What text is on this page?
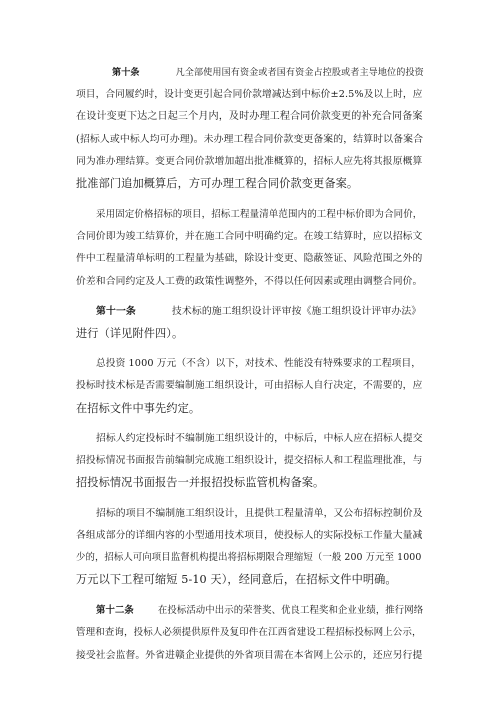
第十条	凡全部使用国有资金或者国有资金占控股或者主导地位的投资
项目，合同履约时，设计变更引起合同价款增减达到中标价±2.5%及以上时，应
在设计变更下达之日起三个月内，及时办理工程合同价款变更的补充合同备案
(招标人或中标人均可办理)。未办理工程合同价款变更备案的，结算时以备案合
同为准办理结算。变更合同价款增加超出批准概算的，招标人应先将其报原概算
批准部门追加概算后，方可办理工程合同价款变更备案。
采用固定价格招标的项目，招标工程量清单范围内的工程中标价即为合同价，
合同价即为竣工结算价，并在施工合同中明确约定。在竣工结算时，应以招标文
件中工程量清单标明的工程量为基础，除设计变更、隐蔽签证、风险范围之外的
价差和合同约定及人工费的政策性调整外，不得以任何因素或理由调整合同价。
第十一条	技术标的施工组织设计评审按《施工组织设计评审办法》
进行（详见附件四）。
总投资 1000 万元（不含）以下，对技术、性能没有特殊要求的工程项目，
投标时技术标是否需要编制施工组织设计，可由招标人自行决定，不需要的，应
在招标文件中事先约定。
招标人约定投标时不编制施工组织设计的，中标后，中标人应在招标人提交
招投标情况书面报告前编制完成施工组织设计，提交招标人和工程监理批准，与
招投标情况书面报告一并报招投标监管机构备案。
招标的项目不编制施工组织设计，且提供工程量清单，又公布招标控制价及
各组成部分的详细内容的小型通用技术项目，使投标人的实际投标工作量大量减
少的，招标人可向项目监督机构提出将招标期限合理缩短（一般 200 万元至 1000
万元以下工程可缩短 5-10 天），经同意后，在招标文件中明确。
第十二条	在投标活动中出示的荣誉奖、优良工程奖和企业业绩，推行网络
管理和查询，投标人必须提供原件及复印件在江西省建设工程招标投标网上公示，
接受社会监督。外省进赣企业提供的外省项目需在本省网上公示的，还应另行提
